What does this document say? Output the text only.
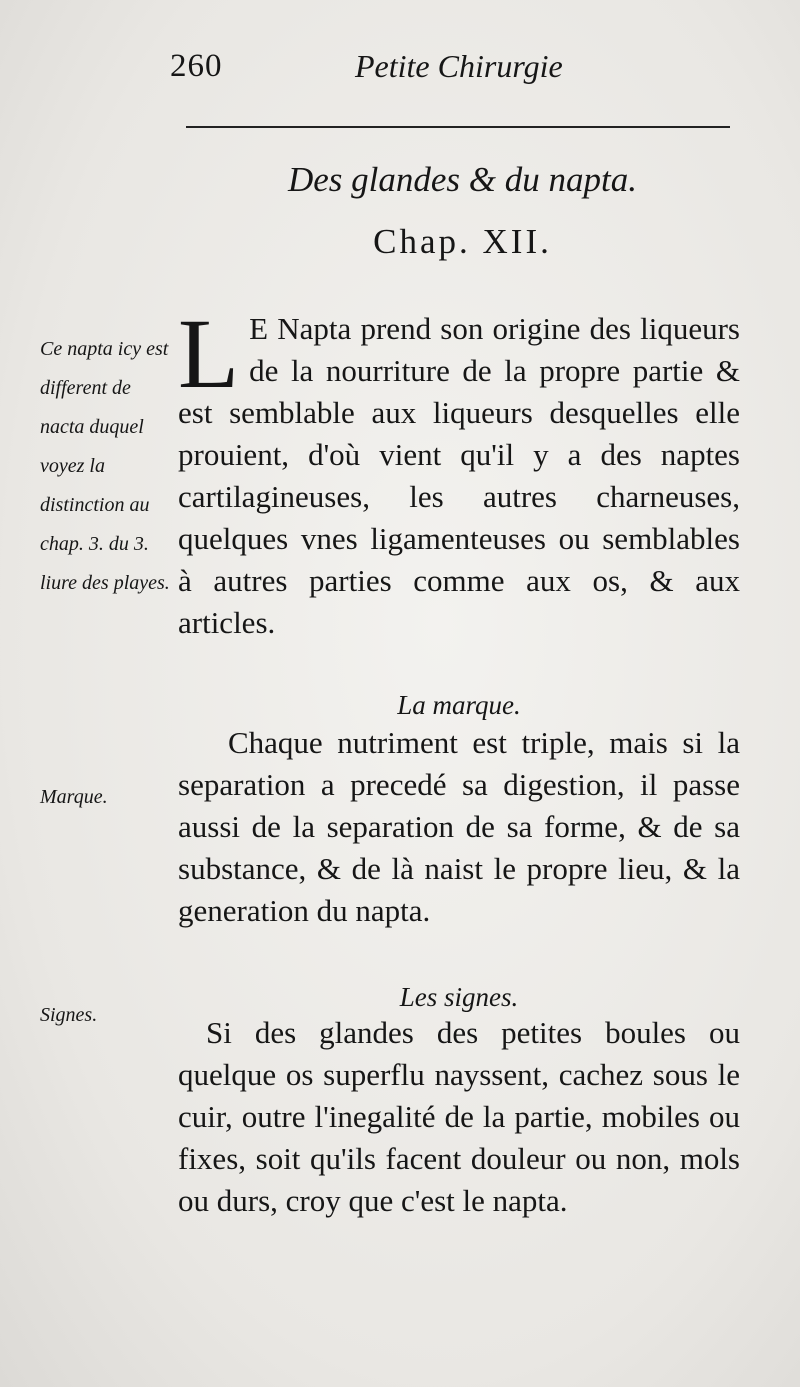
260	Petite Chirurgie
Des glandes & du napta.
Chap. XII.
L E Napta prend son origine des liqueurs de la nourriture de la propre partie & est semblable aux liqueurs desquelles elle prouient, d'où vient qu'il y a des naptes cartilagineuses, les autres charneuses, quelques vnes ligamenteuses ou semblables à autres parties comme aux os, & aux articles.
La marque.
Chaque nutriment est triple, mais si la separation a precedé sa digestion, il passe aussi de la separation de sa forme, & de sa substance, & de là naist le propre lieu, & la generation du napta.
Les signes.
Si des glandes des petites boules ou quelque os superflu nayssent, cachez sous le cuir, outre l'inegalité de la partie, mobiles ou fixes, soit qu'ils facent douleur ou non, mols ou durs, croy que c'est le napta.
Ce napta icy est different de nacta duquel voyez la distinction au chap. 3. du 3. liure des playes.
Marque.
Signes.
